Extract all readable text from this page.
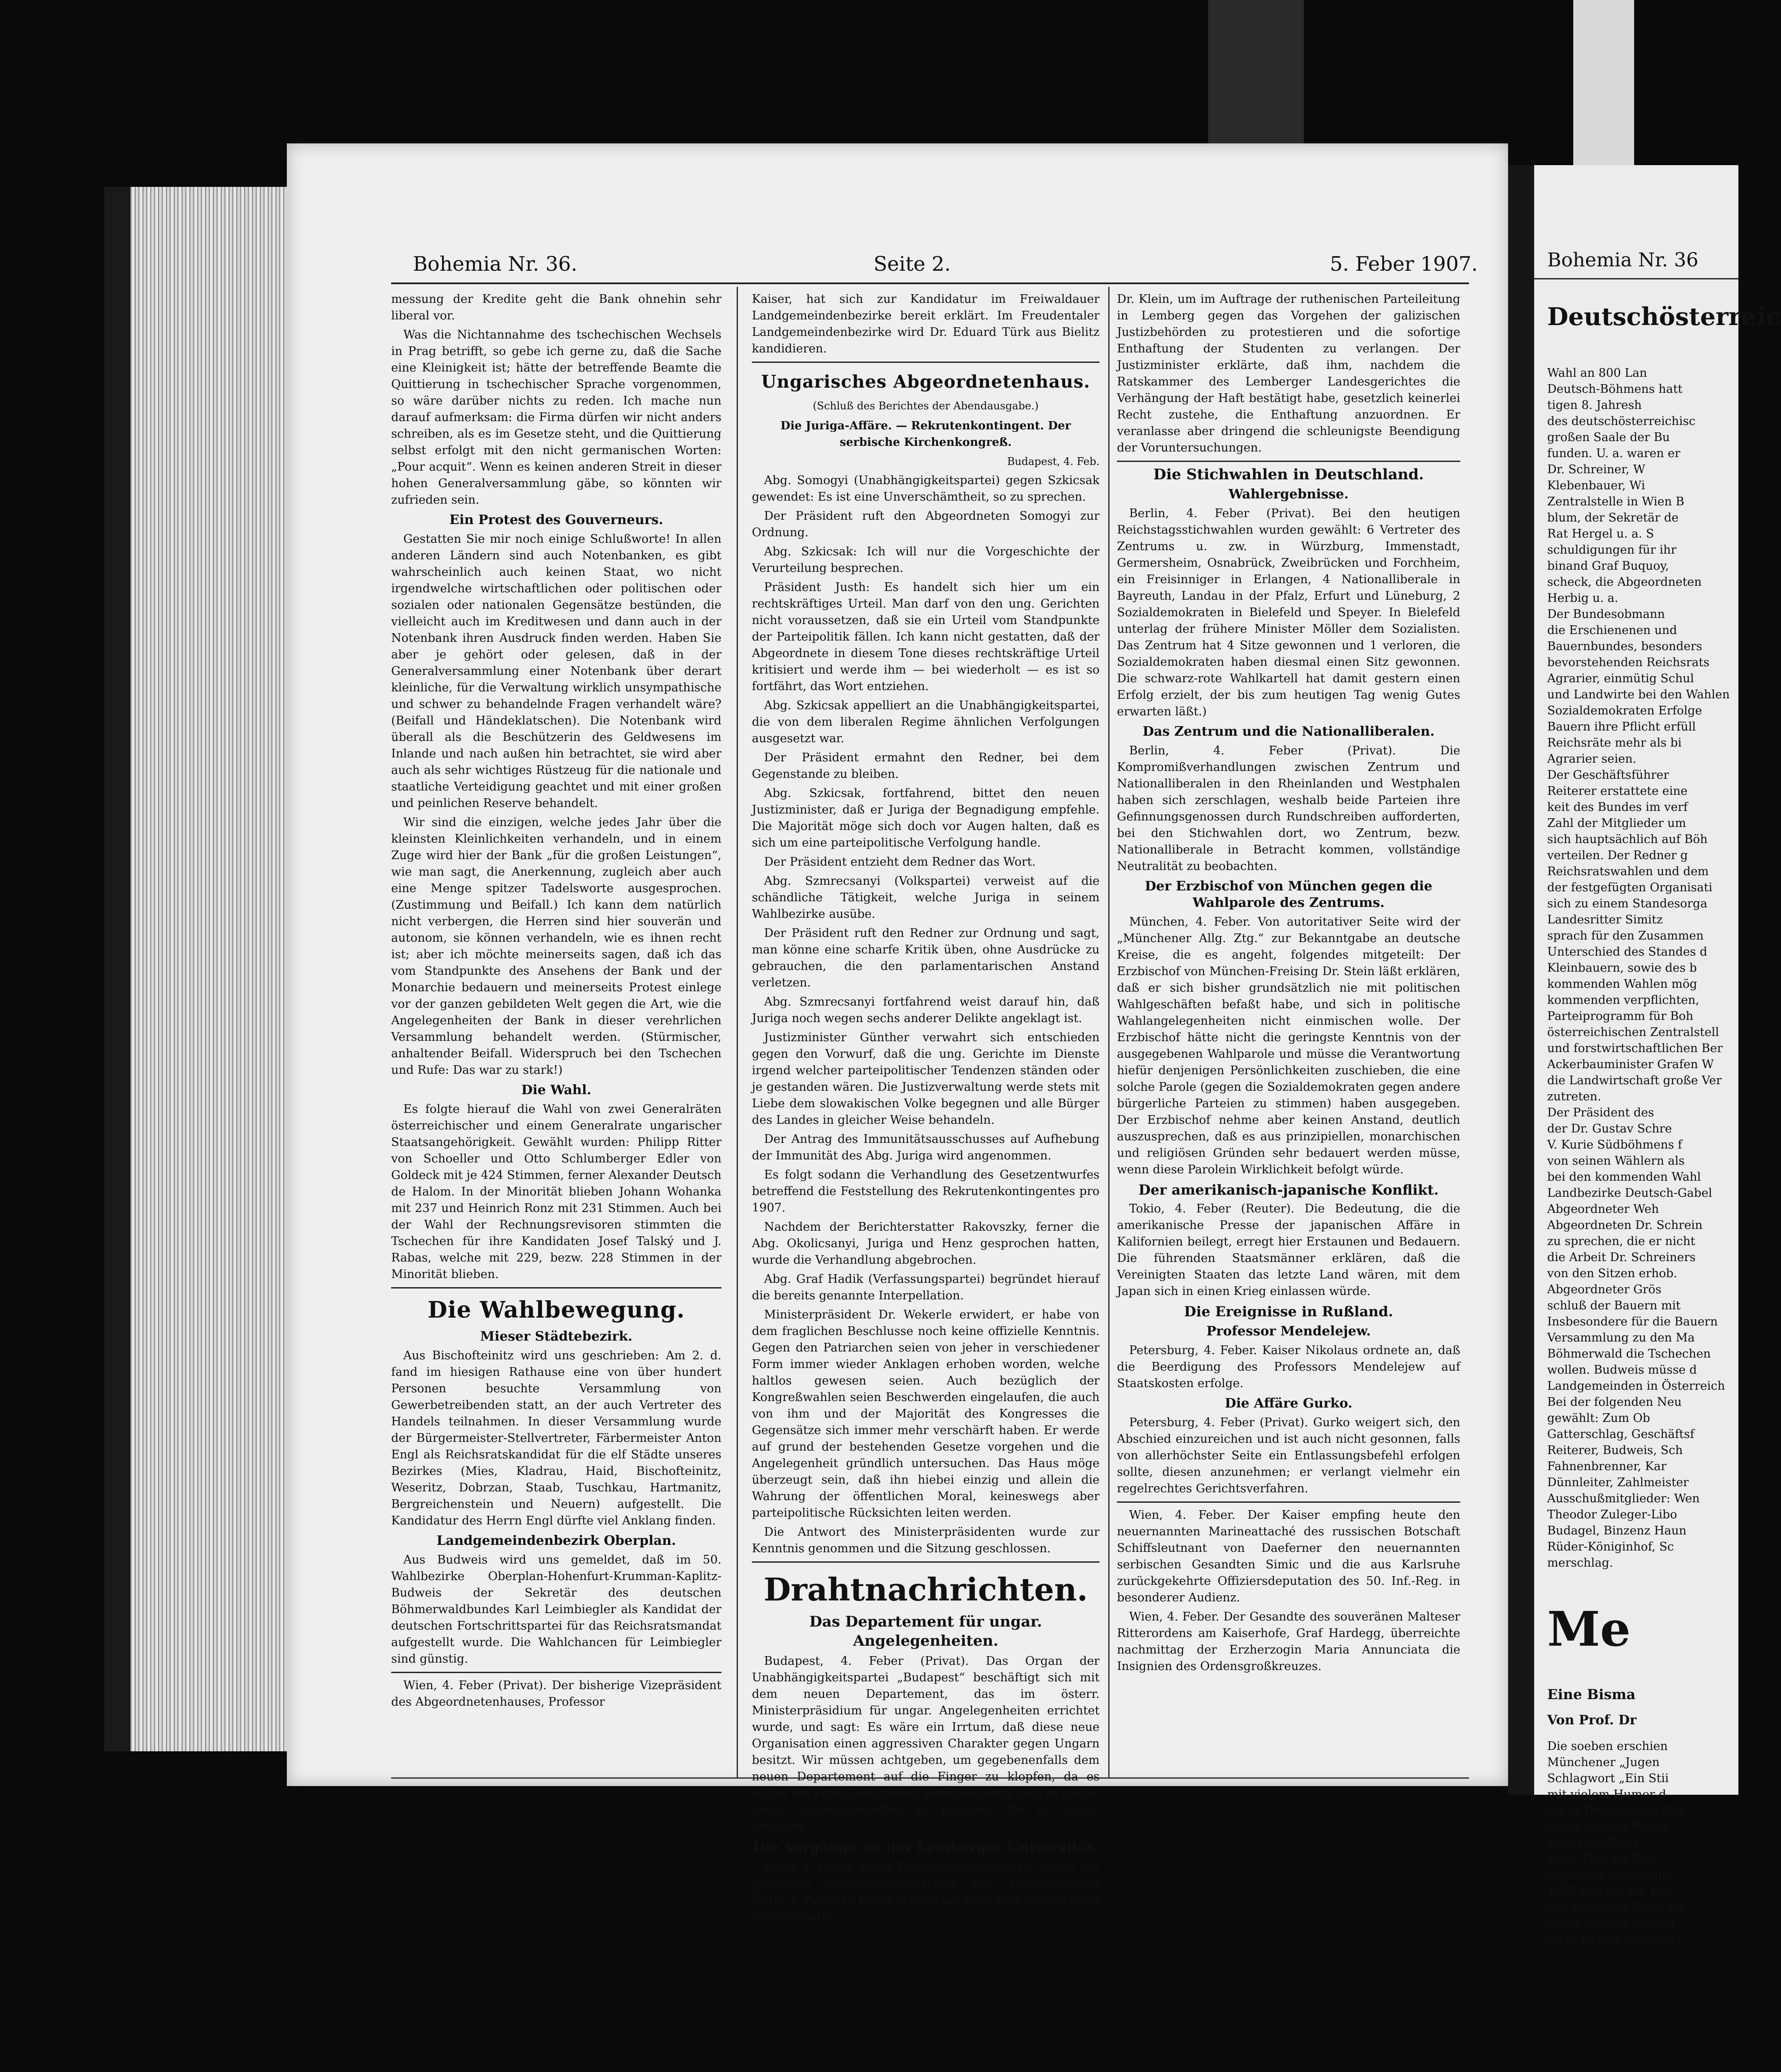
Bohemia Nr. 36.	Seite 2.	5. Feber 1907.

messung der Kredite geht die Bank ohnehin sehr liberal vor.

Was die Nichtannahme des tschechischen Wechsels in Prag betrifft, so gebe ich gerne zu, daß die Sache eine Kleinigkeit ist; hätte der betreffende Beamte die Quittierung in tschechischer Sprache vorgenommen, so wäre darüber nichts zu reden. Ich mache nun darauf aufmerksam: die Firma dürfen wir nicht anders schreiben, als es im Gesetze steht, und die Quittierung selbst erfolgt mit den nicht germanischen Worten: „Pour acquit“. Wenn es keinen anderen Streit in dieser hohen Generalversammlung gäbe, so könnten wir zufrieden sein.

Ein Protest des Gouverneurs.

Gestatten Sie mir noch einige Schlußworte! In allen anderen Ländern sind auch Notenbanken, es gibt wahrscheinlich auch keinen Staat, wo nicht irgendwelche wirtschaftlichen oder politischen oder sozialen oder nationalen Gegensätze bestünden, die vielleicht auch im Kreditwesen und dann auch in der Notenbank ihren Ausdruck finden werden. Haben Sie aber je gehört oder gelesen, daß in der Generalversammlung einer Notenbank über derart kleinliche, für die Verwaltung wirklich unsympathische und schwer zu behandelnde Fragen verhandelt wäre? (Beifall und Händeklatschen). Die Notenbank wird überall als die Beschützerin des Geldwesens im Inlande und nach außen hin betrachtet, sie wird aber auch als sehr wichtiges Rüstzeug für die nationale und staatliche Verteidigung geachtet und mit einer großen und peinlichen Reserve behandelt.

Wir sind die einzigen, welche jedes Jahr über die kleinsten Kleinlichkeiten verhandeln, und in einem Zuge wird hier der Bank „für die großen Leistungen“, wie man sagt, die Anerkennung, zugleich aber auch eine Menge spitzer Tadelsworte ausgesprochen. (Zustimmung und Beifall.) Ich kann dem natürlich nicht verbergen, die Herren sind hier souverän und autonom, sie können verhandeln, wie es ihnen recht ist; aber ich möchte meinerseits sagen, daß ich das vom Standpunkte des Ansehens der Bank und der Monarchie bedauern und meinerseits Protest einlege vor der ganzen gebildeten Welt gegen die Art, wie die Angelegenheiten der Bank in dieser verehrlichen Versammlung behandelt werden. (Stürmischer, anhaltender Beifall. Widerspruch bei den Tschechen und Rufe: Das war zu stark!)

Die Wahl.

Es folgte hierauf die Wahl von zwei Generalräten österreichischer und einem Generalrate ungarischer Staatsangehörigkeit. Gewählt wurden: Philipp Ritter von Schoeller und Otto Schlumberger Edler von Goldeck mit je 424 Stimmen, ferner Alexander Deutsch de Halom. In der Minorität blieben Johann Wohanka mit 237 und Heinrich Ronz mit 231 Stimmen. Auch bei der Wahl der Rechnungsrevisoren stimmten die Tschechen für ihre Kandidaten Josef Talský und J. Rabas, welche mit 229, bezw. 228 Stimmen in der Minorität blieben.

Die Wahlbewegung.
Mieser Städtebezirk.

Aus Bischofteinitz wird uns geschrieben: Am 2. d. fand im hiesigen Rathause eine von über hundert Personen besuchte Versammlung von Gewerbetreibenden statt, an der auch Vertreter des Handels teilnahmen. In dieser Versammlung wurde der Bürgermeister-Stellvertreter, Färbermeister Anton Engl als Reichsratskandidat für die elf Städte unseres Bezirkes (Mies, Kladrau, Haid, Bischofteinitz, Weseritz, Dobrzan, Staab, Tuschkau, Hartmanitz, Bergreichenstein und Neuern) aufgestellt. Die Kandidatur des Herrn Engl dürfte viel Anklang finden.

Landgemeindenbezirk Oberplan.

Aus Budweis wird uns gemeldet, daß im 50. Wahlbezirke Oberplan-Hohenfurt-Krumman-Kaplitz-Budweis der Sekretär des deutschen Böhmerwaldbundes Karl Leimbiegler als Kandidat der deutschen Fortschrittspartei für das Reichsratsmandat aufgestellt wurde. Die Wahlchancen für Leimbiegler sind günstig.

Wien, 4. Feber (Privat). Der bisherige Vizepräsident des Abgeordnetenhauses, Professor

Kaiser, hat sich zur Kandidatur im Freiwaldauer Landgemeindenbezirke bereit erklärt. Im Freudentaler Landgemeindenbezirke wird Dr. Eduard Türk aus Bielitz kandidieren.

Ungarisches Abgeordnetenhaus.
(Schluß des Berichtes der Abendausgabe.)
Die Juriga-Affäre. — Rekrutenkontingent. Der serbische Kirchenkongreß.
Budapest, 4. Feb.

Abg. Somogyi (Unabhängigkeitspartei) gegen Szkicsak gewendet: Es ist eine Unverschämtheit, so zu sprechen.

Der Präsident ruft den Abgeordneten Somogyi zur Ordnung.

Abg. Szkicsak: Ich will nur die Vorgeschichte der Verurteilung besprechen.

Präsident Justh: Es handelt sich hier um ein rechtskräftiges Urteil. Man darf von den ung. Gerichten nicht voraussetzen, daß sie ein Urteil vom Standpunkte der Parteipolitik fällen. Ich kann nicht gestatten, daß der Abgeordnete in diesem Tone dieses rechtskräftige Urteil kritisiert und werde ihm — bei wiederholt — es ist so fortfährt, das Wort entziehen.

Abg. Szkicsak appelliert an die Unabhängigkeitspartei, die von dem liberalen Regime ähnlichen Verfolgungen ausgesetzt war.

Der Präsident ermahnt den Redner, bei dem Gegenstande zu bleiben.

Abg. Szkicsak, fortfahrend, bittet den neuen Justizminister, daß er Juriga der Begnadigung empfehle. Die Majorität möge sich doch vor Augen halten, daß es sich um eine parteipolitische Verfolgung handle.

Der Präsident entzieht dem Redner das Wort.

Abg. Szmrecsanyi (Volkspartei) verweist auf die schändliche Tätigkeit, welche Juriga in seinem Wahlbezirke ausübe.

Der Präsident ruft den Redner zur Ordnung und sagt, man könne eine scharfe Kritik üben, ohne Ausdrücke zu gebrauchen, die den parlamentarischen Anstand verletzen.

Abg. Szmrecsanyi fortfahrend weist darauf hin, daß Juriga noch wegen sechs anderer Delikte angeklagt ist.

Justizminister Günther verwahrt sich entschieden gegen den Vorwurf, daß die ung. Gerichte im Dienste irgend welcher parteipolitischer Tendenzen ständen oder je gestanden wären. Die Justizverwaltung werde stets mit Liebe dem slowakischen Volke begegnen und alle Bürger des Landes in gleicher Weise behandeln.

Der Antrag des Immunitätsausschusses auf Aufhebung der Immunität des Abg. Juriga wird angenommen.

Es folgt sodann die Verhandlung des Gesetzentwurfes betreffend die Feststellung des Rekrutenkontingentes pro 1907.

Nachdem der Berichterstatter Rakovszky, ferner die Abg. Okolicsanyi, Juriga und Henz gesprochen hatten, wurde die Verhandlung abgebrochen.

Abg. Graf Hadik (Verfassungspartei) begründet hierauf die bereits genannte Interpellation.

Ministerpräsident Dr. Wekerle erwidert, er habe von dem fraglichen Beschlusse noch keine offizielle Kenntnis. Gegen den Patriarchen seien von jeher in verschiedener Form immer wieder Anklagen erhoben worden, welche haltlos gewesen seien. Auch bezüglich der Kongreßwahlen seien Beschwerden eingelaufen, die auch von ihm und der Majorität des Kongresses die Gegensätze sich immer mehr verschärft haben. Er werde auf grund der bestehenden Gesetze vorgehen und die Angelegenheit gründlich untersuchen. Das Haus möge überzeugt sein, daß ihn hiebei einzig und allein die Wahrung der öffentlichen Moral, keineswegs aber parteipolitische Rücksichten leiten werden.

Die Antwort des Ministerpräsidenten wurde zur Kenntnis genommen und die Sitzung geschlossen.

Drahtnachrichten.
Das Departement für ungar. Angelegenheiten.

Budapest, 4. Feber (Privat). Das Organ der Unabhängigkeitspartei „Budapest“ beschäftigt sich mit dem neuen Departement, das im österr. Ministerpräsidium für ungar. Angelegenheiten errichtet wurde, und sagt: Es wäre ein Irrtum, daß diese neue Organisation einen aggressiven Charakter gegen Ungarn besitzt. Wir müssen achtgeben, um gegebenenfalls dem neuen Departement auf die Finger zu klopfen, da es sicher die erste Gelegenheit benützen wird, sich in solche ungar. Angelegenheiten zu mischen, die es nichts angehen.

Die Vorgänge an der Lemberger Universität.

Wien, 4. Feber. Einer Korrespondenz zufolge weilte der gewesene Obmannstellvertreter des Ruthenenklubs Ritter v. Wassilko heute vormittags über eine Stunde beim Justizminister

Dr. Klein, um im Auftrage der ruthenischen Parteileitung in Lemberg gegen das Vorgehen der galizischen Justizbehörden zu protestieren und die sofortige Enthaftung der Studenten zu verlangen. Der Justizminister erklärte, daß ihm, nachdem die Ratskammer des Lemberger Landesgerichtes die Verhängung der Haft bestätigt habe, gesetzlich keinerlei Recht zustehe, die Enthaftung anzuordnen. Er veranlasse aber dringend die schleunigste Beendigung der Voruntersuchungen.

Die Stichwahlen in Deutschland.
Wahlergebnisse.

Berlin, 4. Feber (Privat). Bei den heutigen Reichstagsstichwahlen wurden gewählt: 6 Vertreter des Zentrums u. zw. in Würzburg, Immenstadt, Germersheim, Osnabrück, Zweibrücken und Forchheim, ein Freisinniger in Erlangen, 4 Nationalliberale in Bayreuth, Landau in der Pfalz, Erfurt und Lüneburg, 2 Sozialdemokraten in Bielefeld und Speyer. In Bielefeld unterlag der frühere Minister Möller dem Sozialisten. Das Zentrum hat 4 Sitze gewonnen und 1 verloren, die Sozialdemokraten haben diesmal einen Sitz gewonnen. Die schwarz-rote Wahlkartell hat damit gestern einen Erfolg erzielt, der bis zum heutigen Tag wenig Gutes erwarten läßt.)

Das Zentrum und die Nationalliberalen.

Berlin, 4. Feber (Privat). Die Kompromißverhandlungen zwischen Zentrum und Nationalliberalen in den Rheinlanden und Westphalen haben sich zerschlagen, weshalb beide Parteien ihre Gefinnungsgenossen durch Rundschreiben aufforderten, bei den Stichwahlen dort, wo Zentrum, bezw. Nationalliberale in Betracht kommen, vollständige Neutralität zu beobachten.

Der Erzbischof von München gegen die Wahlparole des Zentrums.

München, 4. Feber. Von autoritativer Seite wird der „Münchener Allg. Ztg.“ zur Bekanntgabe an deutsche Kreise, die es angeht, folgendes mitgeteilt: Der Erzbischof von München-Freising Dr. Stein läßt erklären, daß er sich bisher grundsätzlich nie mit politischen Wahlgeschäften befaßt habe, und sich in politische Wahlangelegenheiten nicht einmischen wolle. Der Erzbischof hätte nicht die geringste Kenntnis von der ausgegebenen Wahlparole und müsse die Verantwortung hiefür denjenigen Persönlichkeiten zuschieben, die eine solche Parole (gegen die Sozialdemokraten gegen andere bürgerliche Parteien zu stimmen) haben ausgegeben. Der Erzbischof nehme aber keinen Anstand, deutlich auszusprechen, daß es aus prinzipiellen, monarchischen und religiösen Gründen sehr bedauert werden müsse, wenn diese Parolein Wirklichkeit befolgt würde.

Der amerikanisch-japanische Konflikt.

Tokio, 4. Feber (Reuter). Die Bedeutung, die die amerikanische Presse der japanischen Affäre in Kalifornien beilegt, erregt hier Erstaunen und Bedauern. Die führenden Staatsmänner erklären, daß die Vereinigten Staaten das letzte Land wären, mit dem Japan sich in einen Krieg einlassen würde.

Die Ereignisse in Rußland.
Professor Mendelejew.

Petersburg, 4. Feber. Kaiser Nikolaus ordnete an, daß die Beerdigung des Professors Mendelejew auf Staatskosten erfolge.

Die Affäre Gurko.

Petersburg, 4. Feber (Privat). Gurko weigert sich, den Abschied einzureichen und ist auch nicht gesonnen, falls von allerhöchster Seite ein Entlassungsbefehl erfolgen sollte, diesen anzunehmen; er verlangt vielmehr ein regelrechtes Gerichtsverfahren.

Wien, 4. Feber. Der Kaiser empfing heute den neuernannten Marineattaché des russischen Botschaft Schiffsleutnant von Daeferner den neuernannten serbischen Gesandten Simic und die aus Karlsruhe zurückgekehrte Offiziersdeputation des 50. Inf.-Reg. in besonderer Audienz.

Wien, 4. Feber. Der Gesandte des souveränen Malteser Ritterordens am Kaiserhofe, Graf Hardegg, überreichte nachmittag der Erzherzogin Maria Annunciata die Insignien des Ordensgroßkreuzes.

Bohemia Nr. 36
Deutschösterreic
Wahl an 800 Lan
Deutsch-Böhmens hatt
tigen 8. Jahresh
des deutschösterreichisc
großen Saale der Bu
funden. U. a. waren er
Dr. Schreiner, W
Klebenbauer, Wi
Zentralstelle in Wien B
blum, der Sekretär de
Rat Hergel u. a. S
schuldigungen für ihr
binand Graf Buquoy,
scheck, die Abgeordneten
Herbig u. a.
Der Bundesobmann
die Erschienenen und
Bauernbundes, besonders
bevorstehenden Reichsrats
Agrarier, einmütig Schul
und Landwirte bei den Wahlen
Sozialdemokraten Erfolge
Bauern ihre Pflicht erfüll
Reichsräte mehr als bi
Agrarier seien.
Der Geschäftsführer
Reiterer erstattete eine
keit des Bundes im verf
Zahl der Mitglieder um
sich hauptsächlich auf Böh
verteilen. Der Redner g
Reichsratswahlen und dem
der festgefügten Organisati
sich zu einem Standesorga
Landesritter Simitz
sprach für den Zusammen
Unterschied des Standes d
Kleinbauern, sowie des b
kommenden Wahlen mög
kommenden verpflichten,
Parteiprogramm für Boh
österreichischen Zentralstell
und forstwirtschaftlichen Ber
Ackerbauminister Grafen W
die Landwirtschaft große Ver
zutreten.
Der Präsident des
der Dr. Gustav Schre
V. Kurie Südböhmens f
von seinen Wählern als
bei den kommenden Wahl
Landbezirke Deutsch-Gabel
Abgeordneter Weh
Abgeordneten Dr. Schrein
zu sprechen, die er nicht
die Arbeit Dr. Schreiners
von den Sitzen erhob.
Abgeordneter Grös
schluß der Bauern mit
Insbesondere für die Bauern
Versammlung zu den Ma
Böhmerwald die Tschechen
wollen. Budweis müsse d
Landgemeinden in Österreich
Bei der folgenden Neu
gewählt: Zum Ob
Gatterschlag, Geschäftsf
Reiterer, Budweis, Sch
Fahnenbrenner, Kar
Dünnleiter, Zahlmeister
Ausschußmitglieder: Wen
Theodor Zuleger-Libo
Budagel, Binzenz Haun
Rüder-Königinhof, Sc
merschlag.
Me
Eine Bisma
Von Prof. Dr
Die soeben erschien
Münchener „Jugen
Schlagwort „Ein Stii
mit vielem Humor d
die in Deutschland Obe
der in seinem Werke
Bismarck-Biogi
Lenz, Hofrats Prof
folgendes mitgeteilt:
1898 machte ein gew
das Deutsche Reich un
der in seinem ganzen
nicht richtig lernte, da
